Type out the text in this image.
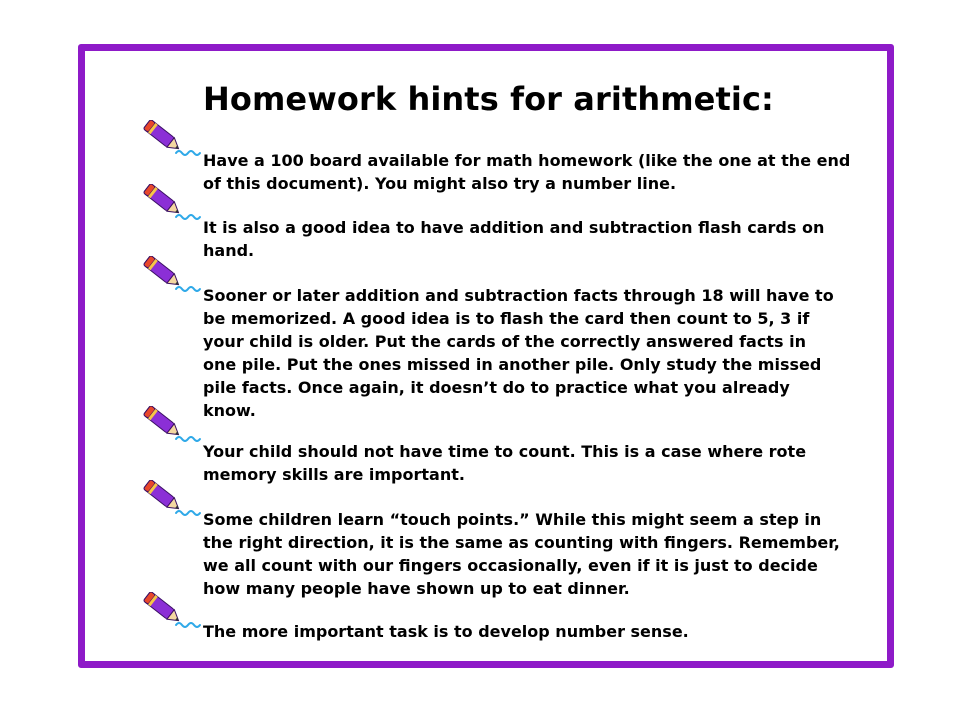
Homework hints for arithmetic:

Have a 100 board available for math homework (like the one at the end
of this document). You might also try a number line.

It is also a good idea to have addition and subtraction flash cards on
hand.

Sooner or later addition and subtraction facts through 18 will have to
be memorized. A good idea is to flash the card then count to 5, 3 if
your child is older. Put the cards of the correctly answered facts in
one pile. Put the ones missed in another pile. Only study the missed
pile facts. Once again, it doesn’t do to practice what you already
know.

Your child should not have time to count. This is a case where rote
memory skills are important.

Some children learn “touch points.” While this might seem a step in
the right direction, it is the same as counting with fingers. Remember,
we all count with our fingers occasionally, even if it is just to decide
how many people have shown up to eat dinner.

The more important task is to develop number sense.
